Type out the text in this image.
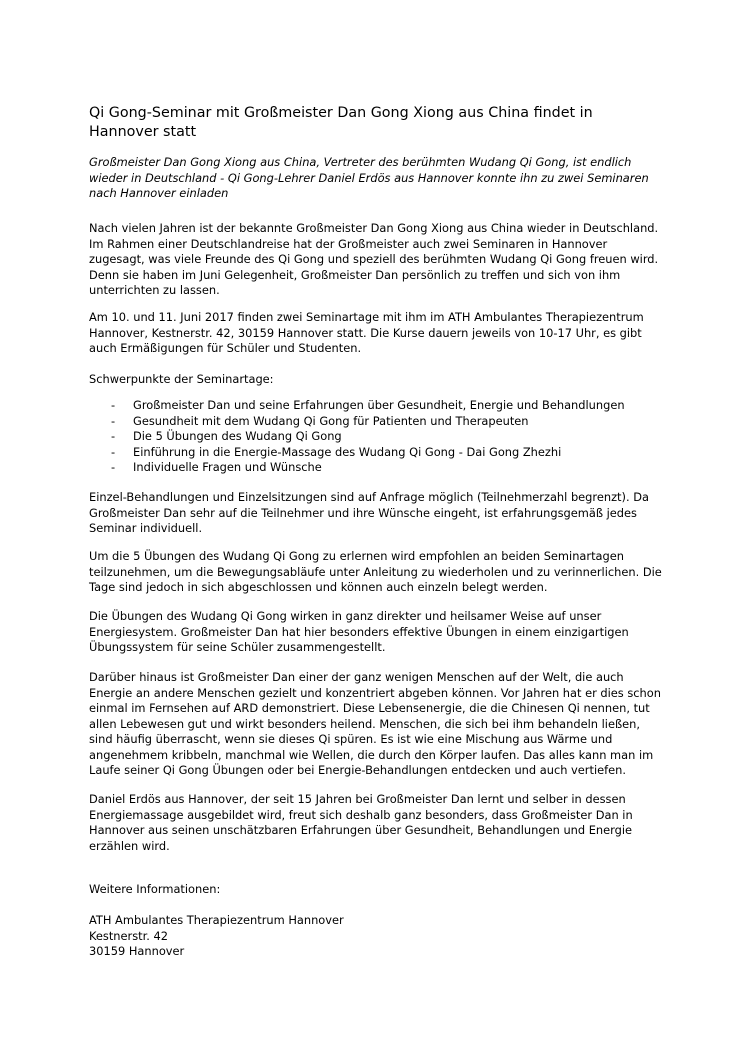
Qi Gong-Seminar mit Großmeister Dan Gong Xiong aus China findet in Hannover statt

Großmeister Dan Gong Xiong aus China, Vertreter des berühmten Wudang Qi Gong, ist endlich wieder in Deutschland - Qi Gong-Lehrer Daniel Erdös aus Hannover konnte ihn zu zwei Seminaren nach Hannover einladen

Nach vielen Jahren ist der bekannte Großmeister Dan Gong Xiong aus China wieder in Deutschland. Im Rahmen einer Deutschlandreise hat der Großmeister auch zwei Seminaren in Hannover zugesagt, was viele Freunde des Qi Gong und speziell des berühmten Wudang Qi Gong freuen wird. Denn sie haben im Juni Gelegenheit, Großmeister Dan persönlich zu treffen und sich von ihm unterrichten zu lassen.

Am 10. und 11. Juni 2017 finden zwei Seminartage mit ihm im ATH Ambulantes Therapiezentrum Hannover, Kestnerstr. 42, 30159 Hannover statt. Die Kurse dauern jeweils von 10-17 Uhr, es gibt auch Ermäßigungen für Schüler und Studenten.

Schwerpunkte der Seminartage:

- Großmeister Dan und seine Erfahrungen über Gesundheit, Energie und Behandlungen
- Gesundheit mit dem Wudang Qi Gong für Patienten und Therapeuten
- Die 5 Übungen des Wudang Qi Gong
- Einführung in die Energie-Massage des Wudang Qi Gong - Dai Gong Zhezhi
- Individuelle Fragen und Wünsche

Einzel-Behandlungen und Einzelsitzungen sind auf Anfrage möglich (Teilnehmerzahl begrenzt). Da Großmeister Dan sehr auf die Teilnehmer und ihre Wünsche eingeht, ist erfahrungsgemäß jedes Seminar individuell.

Um die 5 Übungen des Wudang Qi Gong zu erlernen wird empfohlen an beiden Seminartagen teilzunehmen, um die Bewegungsabläufe unter Anleitung zu wiederholen und zu verinnerlichen. Die Tage sind jedoch in sich abgeschlossen und können auch einzeln belegt werden.

Die Übungen des Wudang Qi Gong wirken in ganz direkter und heilsamer Weise auf unser Energiesystem. Großmeister Dan hat hier besonders effektive Übungen in einem einzigartigen Übungssystem für seine Schüler zusammengestellt.

Darüber hinaus ist Großmeister Dan einer der ganz wenigen Menschen auf der Welt, die auch Energie an andere Menschen gezielt und konzentriert abgeben können. Vor Jahren hat er dies schon einmal im Fernsehen auf ARD demonstriert. Diese Lebensenergie, die die Chinesen Qi nennen, tut allen Lebewesen gut und wirkt besonders heilend. Menschen, die sich bei ihm behandeln ließen, sind häufig überrascht, wenn sie dieses Qi spüren. Es ist wie eine Mischung aus Wärme und angenehmem kribbeln, manchmal wie Wellen, die durch den Körper laufen. Das alles kann man im Laufe seiner Qi Gong Übungen oder bei Energie-Behandlungen entdecken und auch vertiefen.

Daniel Erdös aus Hannover, der seit 15 Jahren bei Großmeister Dan lernt und selber in dessen Energiemassage ausgebildet wird, freut sich deshalb ganz besonders, dass Großmeister Dan in Hannover aus seinen unschätzbaren Erfahrungen über Gesundheit, Behandlungen und Energie erzählen wird.

Weitere Informationen:

ATH Ambulantes Therapiezentrum Hannover
Kestnerstr. 42
30159 Hannover
